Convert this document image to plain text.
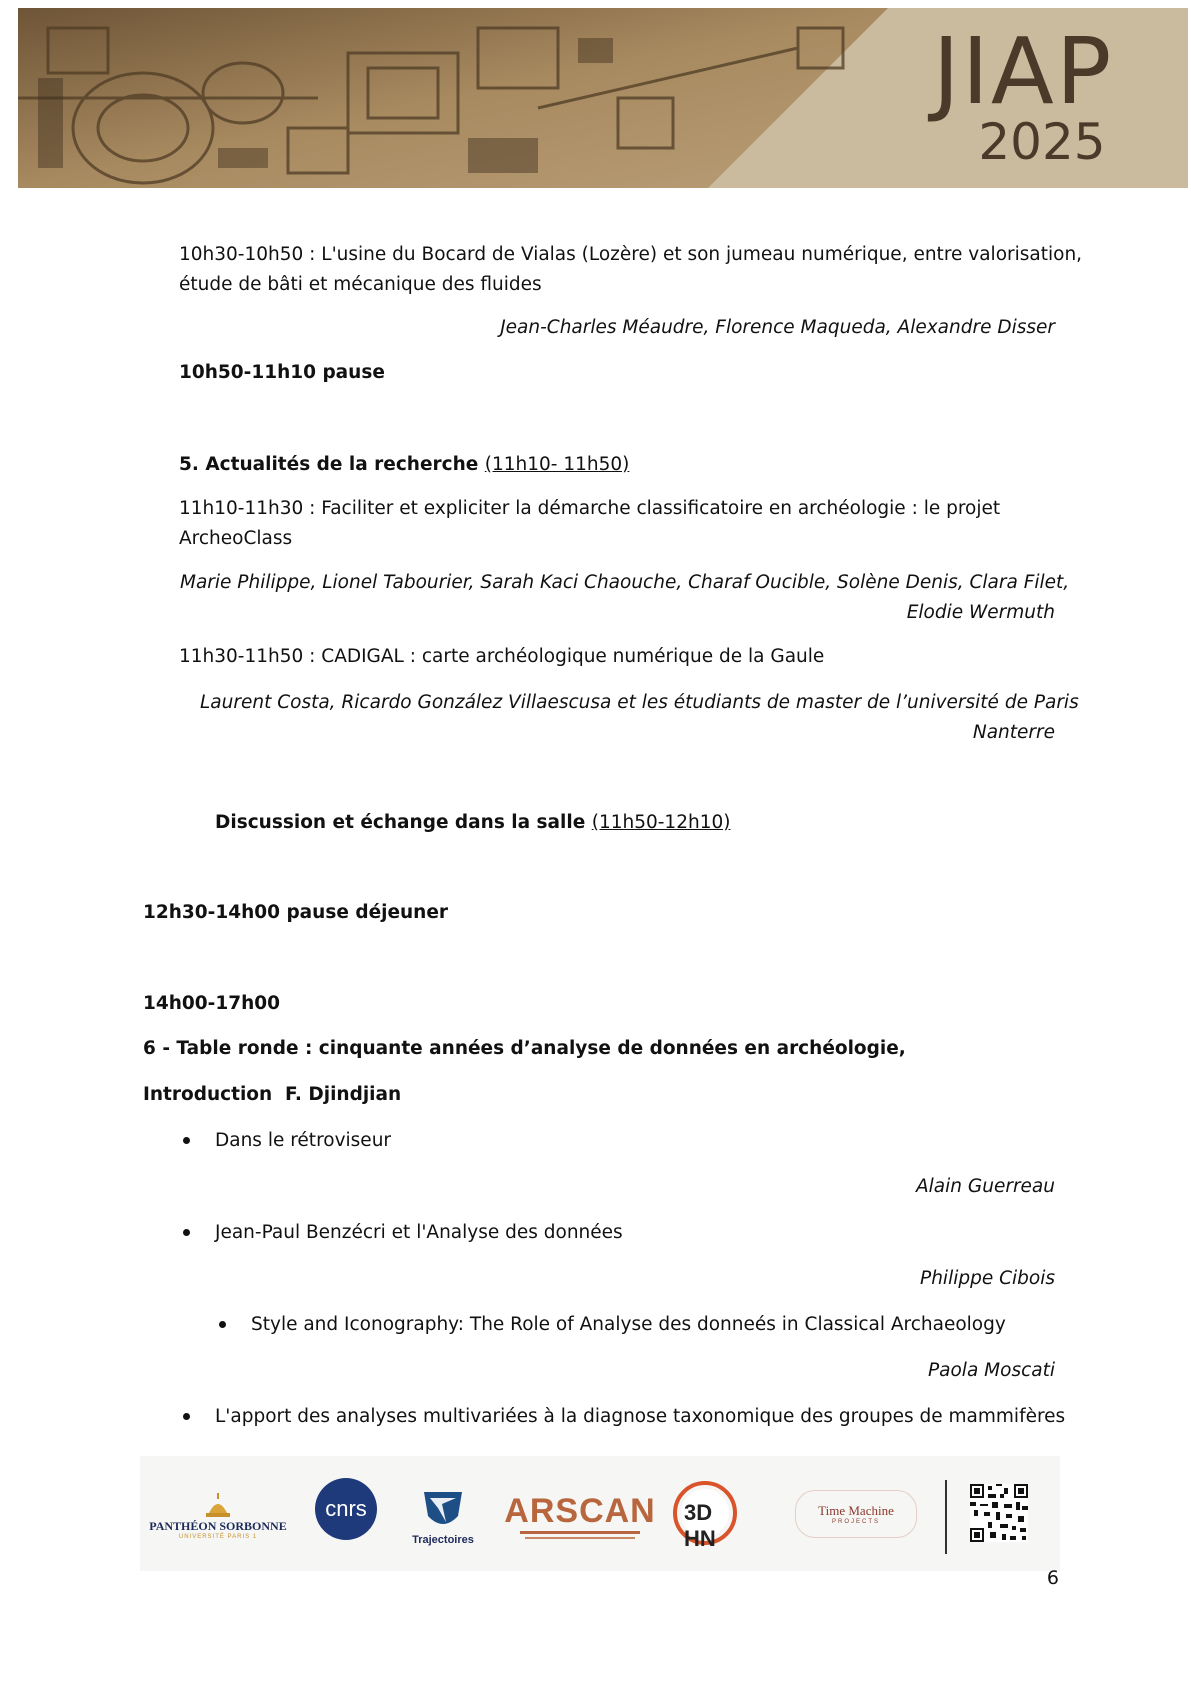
JIAP
2025
10h30-10h50 : L'usine du Bocard de Vialas (Lozère) et son jumeau numérique, entre valorisation,
étude de bâti et mécanique des fluides
Jean-Charles Méaudre, Florence Maqueda, Alexandre Disser
10h50-11h10 pause
5. Actualités de la recherche (11h10- 11h50)
11h10-11h30 : Faciliter et expliciter la démarche classificatoire en archéologie : le projet
ArcheoClass
Marie Philippe, Lionel Tabourier, Sarah Kaci Chaouche, Charaf Oucible, Solène Denis, Clara Filet,
Elodie Wermuth
11h30-11h50 : CADIGAL : carte archéologique numérique de la Gaule
Laurent Costa, Ricardo González Villaescusa et les étudiants de master de l’université de Paris
Nanterre
Discussion et échange dans la salle (11h50-12h10)
12h30-14h00 pause déjeuner
14h00-17h00
6 - Table ronde : cinquante années d’analyse de données en archéologie,
Introduction F. Djindjian
Dans le rétroviseur
Alain Guerreau
Jean-Paul Benzécri et l'Analyse des données
Philippe Cibois
Style and Iconography: The Role of Analyse des donneés in Classical Archaeology
Paola Moscati
L'apport des analyses multivariées à la diagnose taxonomique des groupes de mammifères
PANTHÉON SORBONNE
UNIVERSITÉ PARIS 1
cnrs
Trajectoires
ARSCAN 3D HN
Time Machine
PROJECTS
6
